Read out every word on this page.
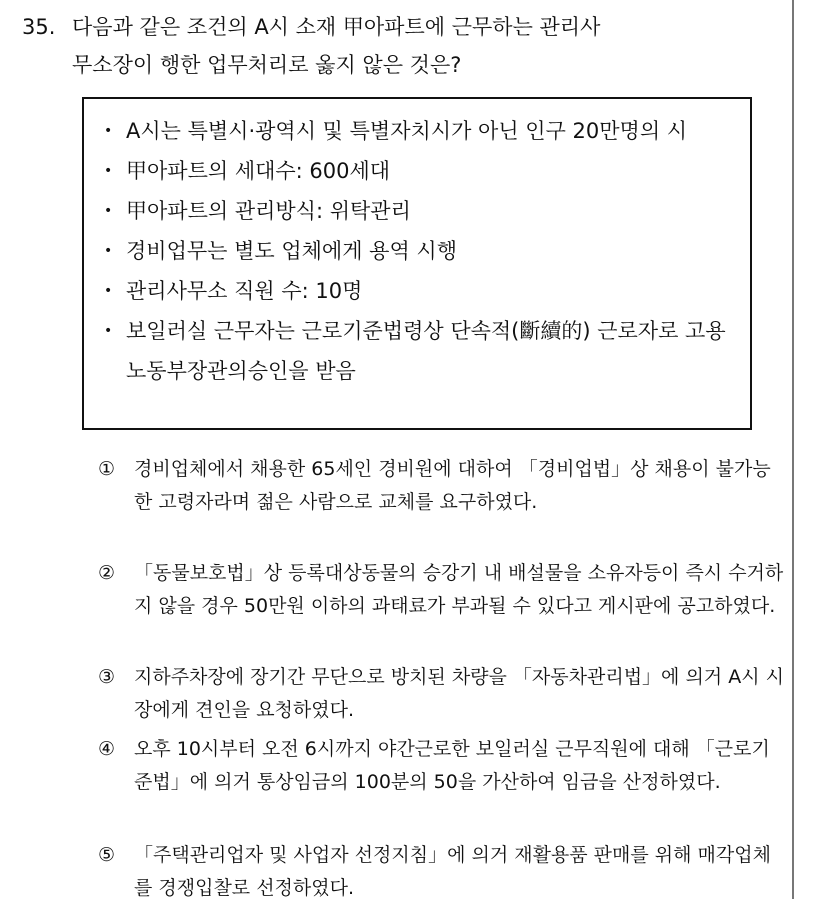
35. 다음과 같은 조건의 A시 소재 甲아파트에 근무하는 관리사
무소장이 행한 업무처리로 옳지 않은 것은?
• A시는 특별시·광역시 및 특별자치시가 아닌 인구 20만명의 시
• 甲아파트의 세대수: 600세대
• 甲아파트의 관리방식: 위탁관리
• 경비업무는 별도 업체에게 용역 시행
• 관리사무소 직원 수: 10명
• 보일러실 근무자는 근로기준법령상 단속적(斷續的) 근로자로 고용노동부장관의승인을 받음
① 경비업체에서 채용한 65세인 경비원에 대하여 「경비업법」상 채용이 불가능한 고령자라며 젊은 사람으로 교체를 요구하였다.
② 「동물보호법」상 등록대상동물의 승강기 내 배설물을 소유자등이 즉시 수거하지 않을 경우 50만원 이하의 과태료가 부과될 수 있다고 게시판에 공고하였다.
③ 지하주차장에 장기간 무단으로 방치된 차량을 「자동차관리법」에 의거 A시 시장에게 견인을 요청하였다.
④ 오후 10시부터 오전 6시까지 야간근로한 보일러실 근무직원에 대해 「근로기준법」에 의거 통상임금의 100분의 50을 가산하여 임금을 산정하였다.
⑤ 「주택관리업자 및 사업자 선정지침」에 의거 재활용품 판매를 위해 매각업체를 경쟁입찰로 선정하였다.
